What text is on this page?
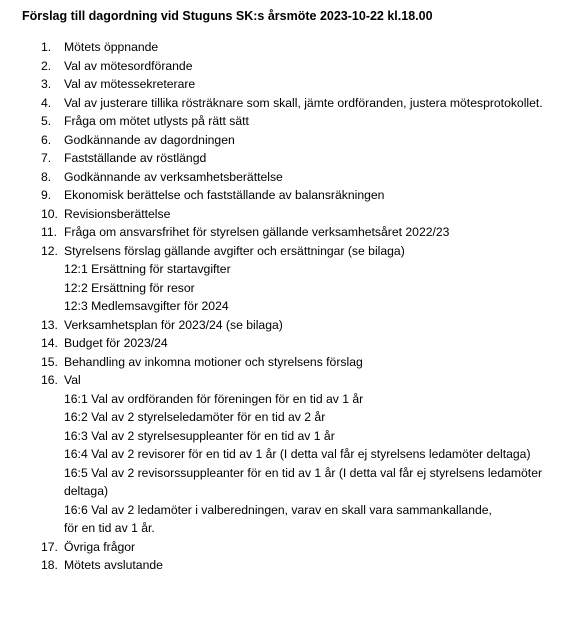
Förslag till dagordning vid Stuguns SK:s årsmöte 2023-10-22 kl.18.00
1. Mötets öppnande
2. Val av mötesordförande
3. Val av mötessekreterare
4. Val av justerare tillika rösträknare som skall, jämte ordföranden, justera mötesprotokollet.
5. Fråga om mötet utlysts på rätt sätt
6. Godkännande av dagordningen
7. Fastställande av röstlängd
8. Godkännande av verksamhetsberättelse
9. Ekonomisk berättelse och fastställande av balansräkningen
10. Revisionsberättelse
11. Fråga om ansvarsfrihet för styrelsen gällande verksamhetsåret 2022/23
12. Styrelsens förslag gällande avgifter och ersättningar (se bilaga)
12:1 Ersättning för startavgifter
12:2 Ersättning för resor
12:3 Medlemsavgifter för 2024
13. Verksamhetsplan för 2023/24 (se bilaga)
14. Budget för 2023/24
15. Behandling av inkomna motioner och styrelsens förslag
16. Val
16:1 Val av ordföranden för föreningen för en tid av 1 år
16:2 Val av 2 styrelseledamöter för en tid av 2 år
16:3 Val av 2 styrelsesuppleanter för en tid av 1 år
16:4 Val av 2 revisorer för en tid av 1 år (I detta val får ej styrelsens ledamöter deltaga)
16:5 Val av 2 revisorssuppleanter för en tid av 1 år (I detta val får ej styrelsens ledamöter
deltaga)
16:6 Val av 2 ledamöter i valberedningen, varav en skall vara sammankallande,
för en tid av 1 år.
17. Övriga frågor
18. Mötets avslutande
